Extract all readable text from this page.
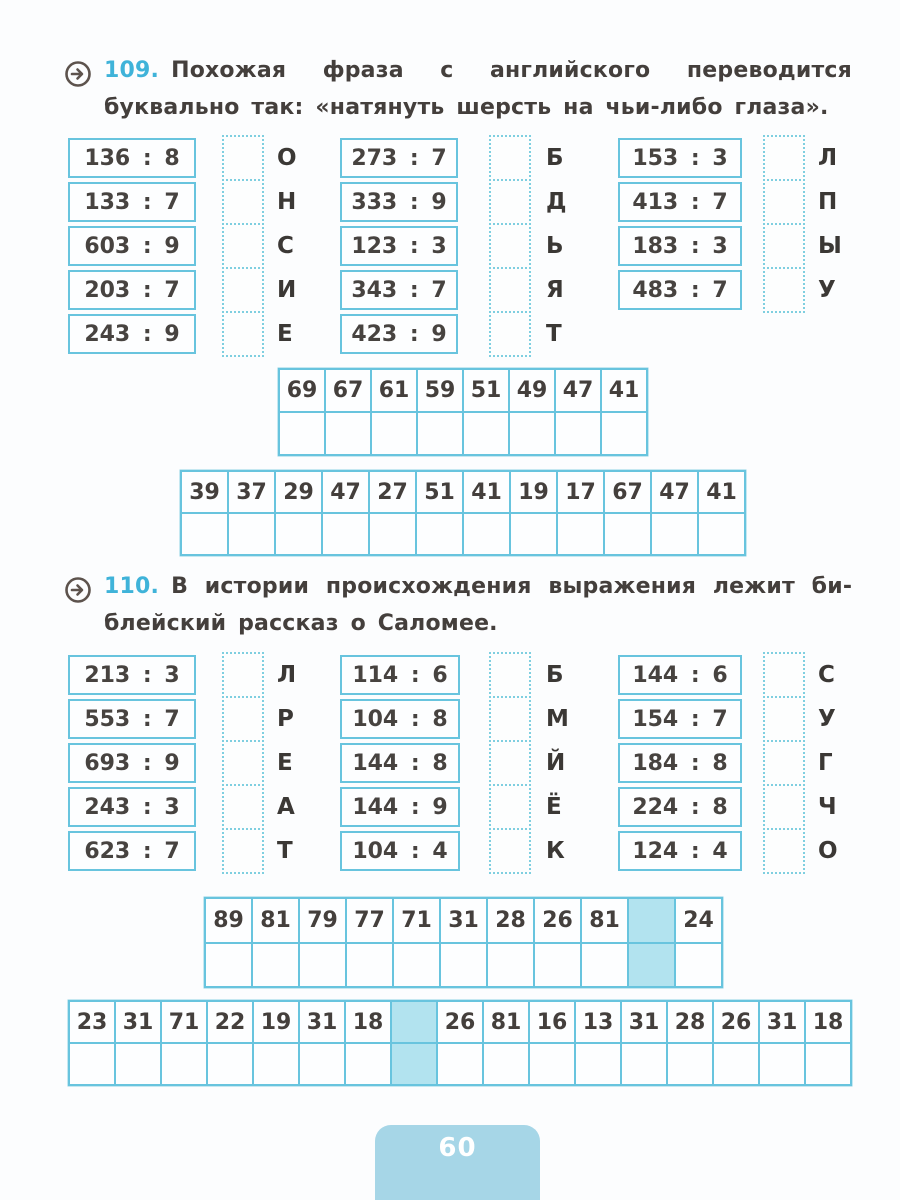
109. Похожая фраза с английского переводится буквально так: «натянуть шерсть на чьи-либо глаза».

136 : 8
133 : 7
603 : 9
203 : 7
243 : 9
О
Н
С
И
Е
273 : 7
333 : 9
123 : 3
343 : 7
423 : 9
Б
Д
Ь
Я
Т
153 : 3
413 : 7
183 : 3
483 : 7
Л
П
Ы
У
69 67 61 59 51 49 47 41
39 37 29 47 27 51 41 19 17 67 47 41

110. В истории происхождения выражения лежит библейский рассказ о Саломее.

213 : 3
553 : 7
693 : 9
243 : 3
623 : 7
Л
Р
Е
А
Т
114 : 6
104 : 8
144 : 8
144 : 9
104 : 4
Б
М
Й
Ё
К
144 : 6
154 : 7
184 : 8
224 : 8
124 : 4
С
У
Г
Ч
О
89 81 79 77 71 31 28 26 81	24
23 31 71 22 19 31 18	26 81 16 13 31 28 26 31 18
60
